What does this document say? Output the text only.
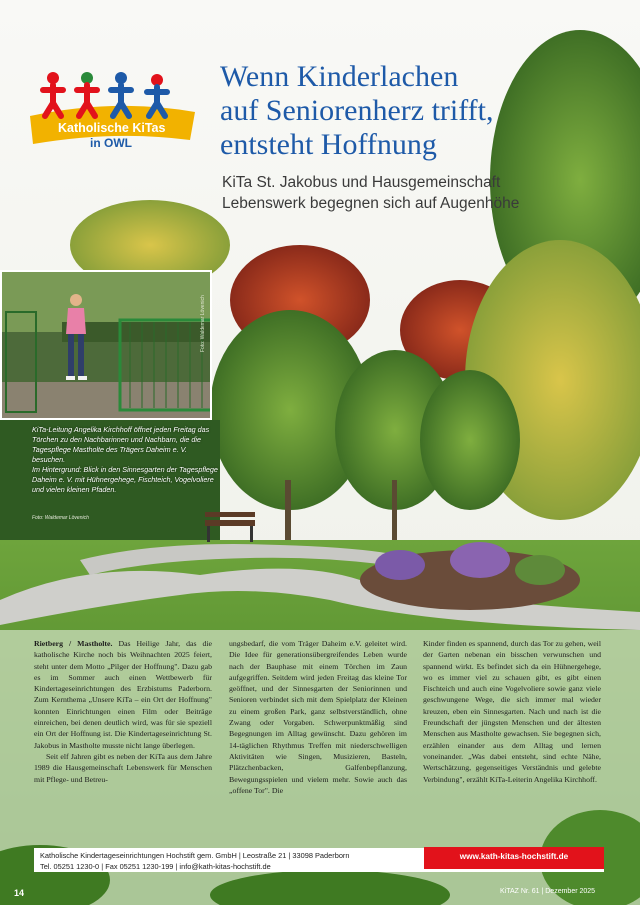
Katholische KiTas
in OWL
Wenn Kinderlachen
auf Seniorenherz trifft,
entsteht Hoffnung
KiTa St. Jakobus und Hausgemeinschaft Lebenswerk begegnen sich auf Augenhöhe
Foto: Waldemar Lövenich

KiTa-Leitung Angelika Kirchhoff öffnet jeden Freitag das Törchen zu den Nachbarinnen und Nachbarn, die die Tagespflege Mastholte des Trägers Daheim e. V. besuchen.

Im Hintergrund: Blick in den Sinnesgarten der Tagespflege Daheim e. V. mit Hühnergehege, Fischteich, Vogelvoliere und vielen kleinen Pfaden.

Foto: Waldemar Lövenich

Rietberg / Mastholte. Das Heilige Jahr, das die katholische Kirche noch bis Weihnachten 2025 feiert, steht unter dem Motto „Pilger der Hoffnung". Dazu gab es im Sommer auch einen Wettbewerb für Kindertageseinrichtungen des Erzbistums Paderborn. Zum Kernthema „Unsere KiTa – ein Ort der Hoffnung" konnten Einrichtungen einen Film oder Beiträge einreichen, bei denen deutlich wird, was für sie speziell ein Ort der Hoffnung ist. Die Kindertageseinrichtung St. Jakobus in Mastholte musste nicht lange überlegen.

Seit elf Jahren gibt es neben der KiTa aus dem Jahre 1989 die Hausgemeinschaft Lebenswerk für Menschen mit Pflege- und Betreu-

ungsbedarf, die vom Träger Daheim e.V. geleitet wird. Die Idee für generationsübergreifendes Leben wurde nach der Bauphase mit einem Törchen im Zaun aufgegriffen. Seitdem wird jeden Freitag das kleine Tor geöffnet, und der Sinnesgarten der Seniorinnen und Senioren verbindet sich mit dem Spielplatz der Kleinen zu einem großen Park, ganz selbstverständlich, ohne Zwang oder Vorgaben. Schwerpunktmäßig sind Begegnungen im Alltag gewünscht. Dazu gehören im 14-täglichen Rhythmus Treffen mit niederschwelligen Aktivitäten wie Singen, Musizieren, Basteln, Plätzchenbacken, Galfenbepflanzung, Bewegungsspielen und vielem mehr. Sowie auch das „offene Tor". Die

Kinder finden es spannend, durch das Tor zu gehen, weil der Garten nebenan ein bisschen verwunschen und spannend wirkt. Es befindet sich da ein Hühnergehege, wo es immer viel zu schauen gibt, es gibt einen Fischteich und auch eine Vogelvoliere sowie ganz viele geschwungene Wege, die sich immer mal wieder kreuzen, eben ein Sinnesgarten. Nach und nach ist die Freundschaft der jüngsten Menschen und der ältesten Menschen aus Mastholte gewachsen. Sie begegnen sich, erzählen einander aus dem Alltag und lernen voneinander. „Was dabei entsteht, sind echte Nähe, Wertschätzung, gegenseitiges Verständnis und gelebte Verbindung", erzählt KiTa-Leiterin Angelika Kirchhoff.

Katholische Kindertageseinrichtungen Hochstift gem. GmbH | Leostraße 21 | 33098 Paderborn
Tel. 05251 1230-0 | Fax 05251 1230-199 | info@kath-kitas-hochstift.de
www.kath-kitas-hochstift.de
14	KiTAZ Nr. 61 | Dezember 2025
